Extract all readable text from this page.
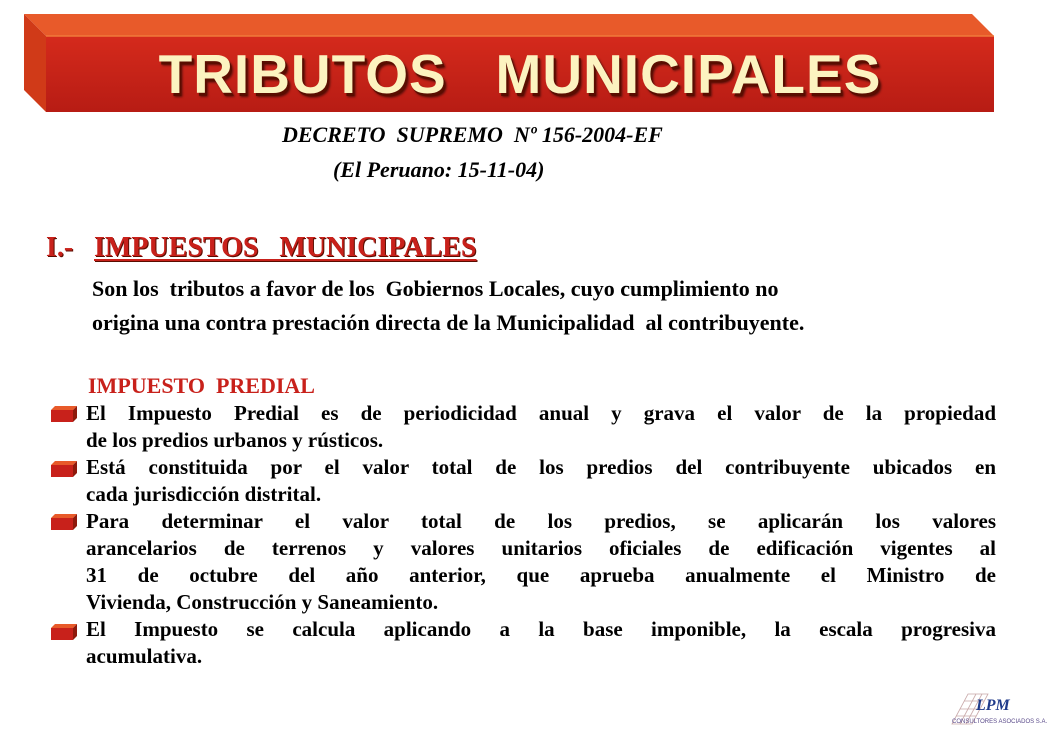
TRIBUTOS   MUNICIPALES
DECRETO  SUPREMO  Nº 156-2004-EF
(El Peruano: 15-11-04)
I.- IMPUESTOS   MUNICIPALES
Son los  tributos a favor de los  Gobiernos Locales, cuyo cumplimiento no
origina una contra prestación directa de la Municipalidad  al contribuyente.
IMPUESTO  PREDIAL
El Impuesto Predial es de periodicidad anual y grava el valor de la propiedad
de los predios urbanos y rústicos.
Está constituida por el valor total de los predios del contribuyente ubicados en
cada jurisdicción distrital.
Para determinar el valor total de los predios, se aplicarán los valores
arancelarios de terrenos y valores unitarios oficiales de edificación vigentes al
31 de octubre del año anterior, que aprueba anualmente el Ministro de
Vivienda, Construcción y Saneamiento.
El Impuesto se calcula aplicando a la base imponible, la escala progresiva
acumulativa.
LPM
CONSULTORES ASOCIADOS S.A.
